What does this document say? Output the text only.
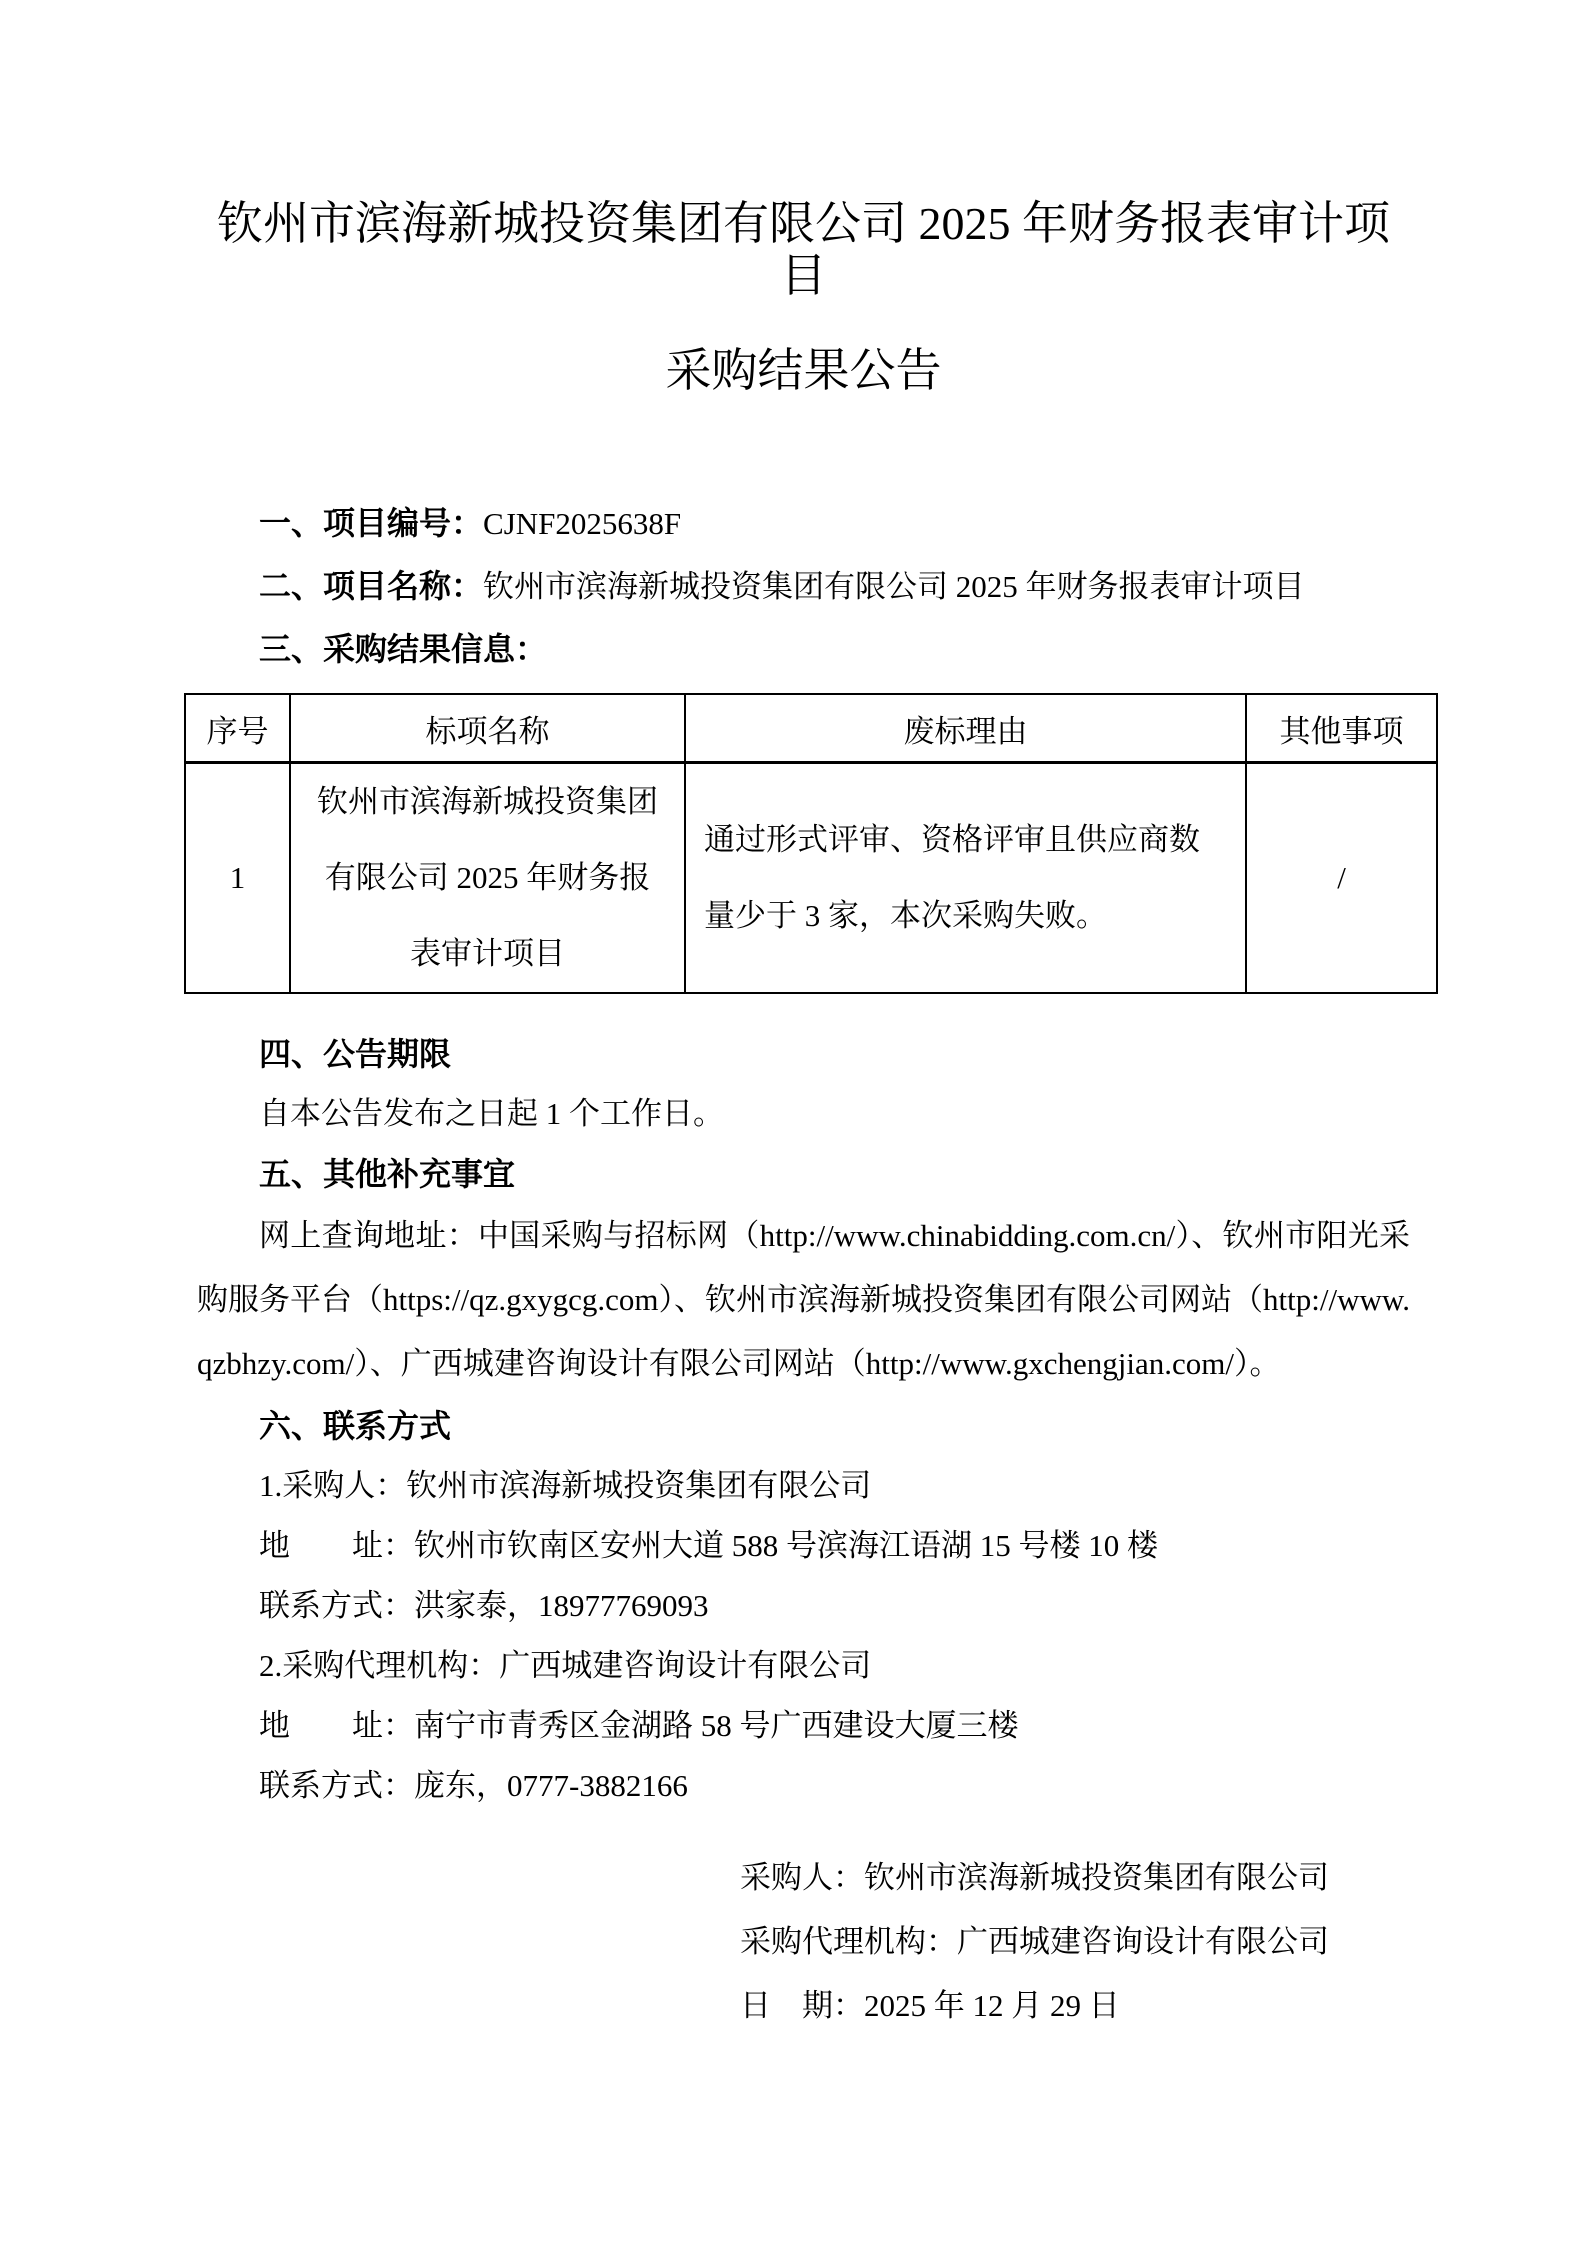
钦州市滨海新城投资集团有限公司 2025 年财务报表审计项目
采购结果公告
一、项目编号：CJNF2025638F
二、项目名称：钦州市滨海新城投资集团有限公司 2025 年财务报表审计项目
三、采购结果信息：
序号	标项名称	废标理由	其他事项
1	钦州市滨海新城投资集团有限公司 2025 年财务报表审计项目	通过形式评审、资格评审且供应商数量少于 3 家，本次采购失败。	/
四、公告期限
自本公告发布之日起 1 个工作日。
五、其他补充事宜
网上查询地址：中国采购与招标网（http://www.chinabidding.com.cn/）、钦州市阳光采购服务平台（https://qz.gxygcg.com）、钦州市滨海新城投资集团有限公司网站（http://www.qzbhzy.com/）、广西城建咨询设计有限公司网站（http://www.gxchengjian.com/）。
六、联系方式
1.采购人：钦州市滨海新城投资集团有限公司
地　　址：钦州市钦南区安州大道 588 号滨海江语湖 15 号楼 10 楼
联系方式：洪家泰，18977769093
2.采购代理机构：广西城建咨询设计有限公司
地　　址：南宁市青秀区金湖路 58 号广西建设大厦三楼
联系方式：庞东，0777-3882166
采购人：钦州市滨海新城投资集团有限公司
采购代理机构：广西城建咨询设计有限公司
日　期：2025 年 12 月 29 日
